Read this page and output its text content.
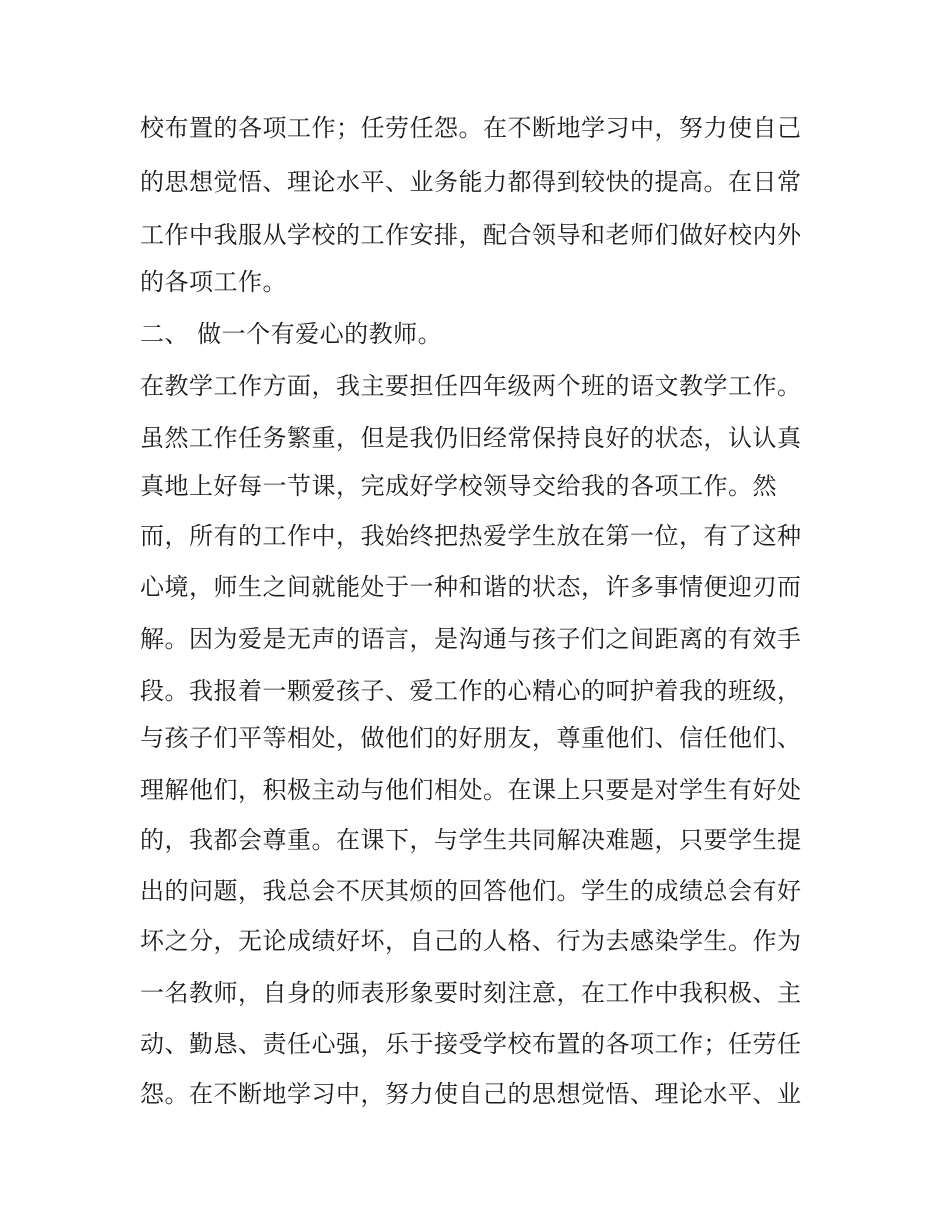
校布置的各项工作；任劳任怨。在不断地学习中，努力使自己
的思想觉悟、理论水平、业务能力都得到较快的提高。在日常
工作中我服从学校的工作安排，配合领导和老师们做好校内外
的各项工作。
二、 做一个有爱心的教师。
在教学工作方面，我主要担任四年级两个班的语文教学工作。
虽然工作任务繁重，但是我仍旧经常保持良好的状态，认认真
真地上好每一节课，完成好学校领导交给我的各项工作。然
而，所有的工作中，我始终把热爱学生放在第一位，有了这种
心境，师生之间就能处于一种和谐的状态，许多事情便迎刃而
解。因为爱是无声的语言，是沟通与孩子们之间距离的有效手
段。我报着一颗爱孩子、爱工作的心精心的呵护着我的班级，
与孩子们平等相处，做他们的好朋友，尊重他们、信任他们、
理解他们，积极主动与他们相处。在课上只要是对学生有好处
的，我都会尊重。在课下，与学生共同解决难题，只要学生提
出的问题，我总会不厌其烦的回答他们。学生的成绩总会有好
坏之分，无论成绩好坏，自己的人格、行为去感染学生。作为
一名教师，自身的师表形象要时刻注意，在工作中我积极、主
动、勤恳、责任心强，乐于接受学校布置的各项工作；任劳任
怨。在不断地学习中，努力使自己的思想觉悟、理论水平、业
